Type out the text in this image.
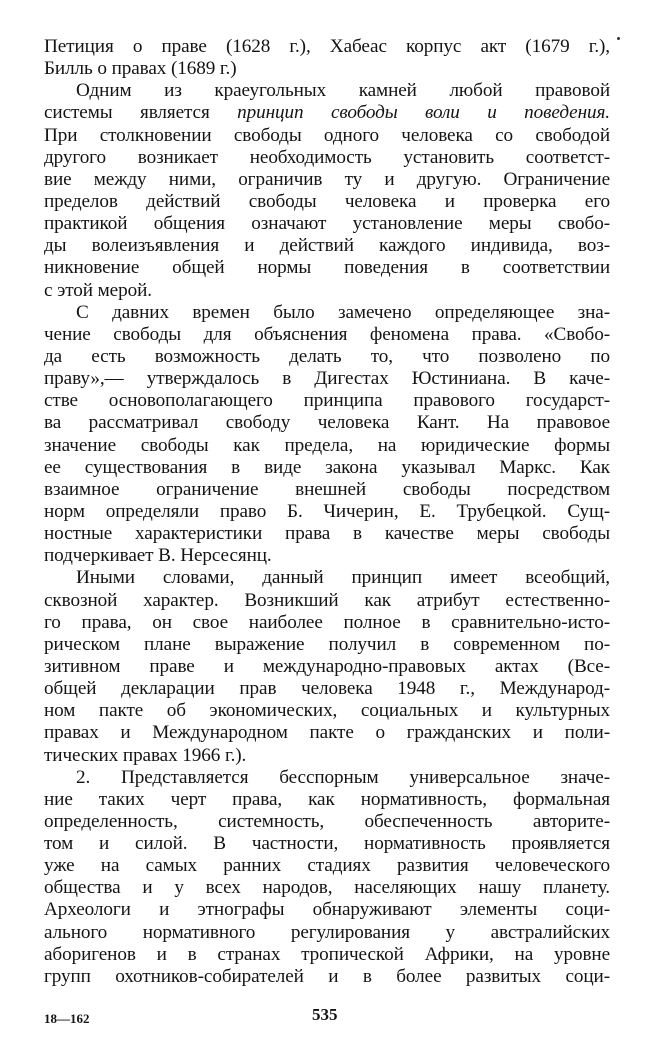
Петиция о праве (1628 г.), Хабеас корпус акт (1679 г.),
Билль о правах (1689 г.)
Одним из краеугольных камней любой правовой
системы является принцип свободы воли и поведения.
При столкновении свободы одного человека со свободой
другого возникает необходимость установить соответст-
вие между ними, ограничив ту и другую. Ограничение
пределов действий свободы человека и проверка его
практикой общения означают установление меры свобо-
ды волеизъявления и действий каждого индивида, воз-
никновение общей нормы поведения в соответствии
с этой мерой.
С давних времен было замечено определяющее зна-
чение свободы для объяснения феномена права. «Свобо-
да есть возможность делать то, что позволено по
праву»,— утверждалось в Дигестах Юстиниана. В каче-
стве основополагающего принципа правового государст-
ва рассматривал свободу человека Кант. На правовое
значение свободы как предела, на юридические формы
ее существования в виде закона указывал Маркс. Как
взаимное ограничение внешней свободы посредством
норм определяли право Б. Чичерин, Е. Трубецкой. Сущ-
ностные характеристики права в качестве меры свободы
подчеркивает В. Нерсесянц.
Иными словами, данный принцип имеет всеобщий,
сквозной характер. Возникший как атрибут естественно-
го права, он свое наиболее полное в сравнительно-исто-
рическом плане выражение получил в современном по-
зитивном праве и международно-правовых актах (Все-
общей декларации прав человека 1948 г., Международ-
ном пакте об экономических, социальных и культурных
правах и Международном пакте о гражданских и поли-
тических правах 1966 г.).
2. Представляется бесспорным универсальное значе-
ние таких черт права, как нормативность, формальная
определенность, системность, обеспеченность авторите-
том и силой. В частности, нормативность проявляется
уже на самых ранних стадиях развития человеческого
общества и у всех народов, населяющих нашу планету.
Археологи и этнографы обнаруживают элементы соци-
ального нормативного регулирования у австралийских
аборигенов и в странах тропической Африки, на уровне
групп охотников-собирателей и в более развитых соци-
18—162	535
